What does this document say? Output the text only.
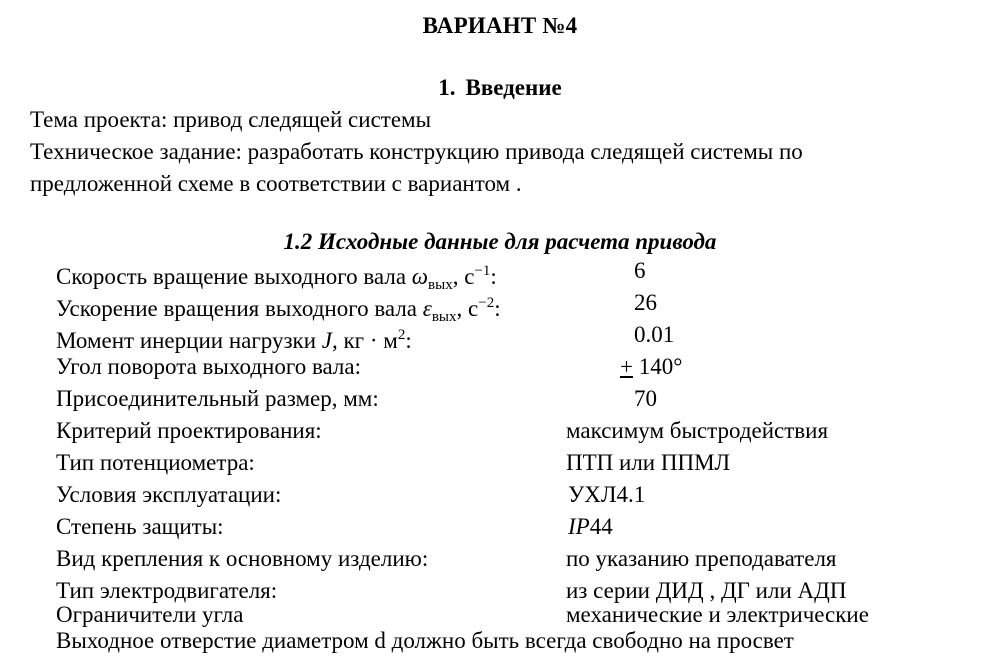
ВАРИАНТ №4
1. Введение
Тема проекта: привод следящей системы
Техническое задание: разработать конструкцию привода следящей системы по
предложенной схеме в соответствии с вариантом .
1.2 Исходные данные для расчета привода
Скорость вращение выходного вала $\omega_{вых}$, $с^{-1}$:	6
Ускорение вращения выходного вала $\varepsilon_{вых}$, $с^{-2}$:	26
Момент инерции нагрузки J, кг · $м^2$:	0.01
Угол поворота выходного вала:	+ 140°
Присоединительный размер, мм:	70
Критерий проектирования:	максимум быстродействия
Тип потенциометра:	ПТП или ППМЛ
Условия эксплуатации:	УХЛ4.1
Степень защиты:	IP44
Вид крепления к основному изделию:	по указанию преподавателя
Тип электродвигателя:	из серии ДИД , ДГ или АДП
Ограничители угла	механические и электрические
Выходное отверстие диаметром d должно быть всегда свободно на просвет
